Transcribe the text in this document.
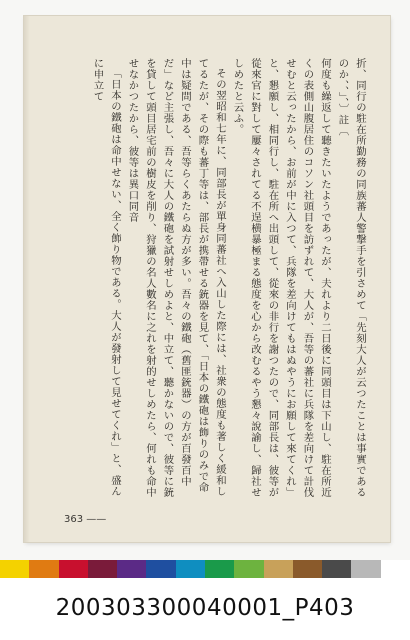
折、同行の駐在所勤務の同族蕃人警撃手を引さめて「先刻大人が云つたことは事實であるのか、、」、〕註〔

何度も繰返して聽きたいたようであったが、夫れより二日後に同頭目は下山し、駐在所近くの表側山腹居住のコソン社頭目を訪ずれて、大人が、吾等の蕃社に兵隊を差向けて計伐せむと云ったから、お前が中に入つて、兵隊を差向けてもはぬやうにお願して來てくれ」と、懇願し、相同行し、駐在所へ出頭して、從來の非行を謝つたので、同部長は、彼等が從來官に對して屢々されてる不逞横暴極まる態度を心から改むるやう懇々說諭し、歸社せしめたと云ふ。

その翌昭和七年に、同部長が單身同蕃社へ入山した際には、社衆の態度も著しく緩和してるたが、その際も蕃丁等は、部長が携帶せる銃器を見て、「日本の鐵砲は飾りのみで命中は疑問である、吾等らくあたらぬ方が多い。吾々の鐵砲（舊匪銃器）の方が百發百中だ」など主張し、吾々に大人の鐵砲を試射せしめよと、中立て、聽かないので、彼等に銃を貸して頭目居宅前の樹皮を削り、狩獵の名人數名に之れを射的せしめたら、何れも命中せなかつたから、彼等は異口同音

「日本の鐵砲は命中せない、全く飾り物である。大人が發射して見せてくれ」と、盛んに申立て

363 ——
200303300040001_P403
